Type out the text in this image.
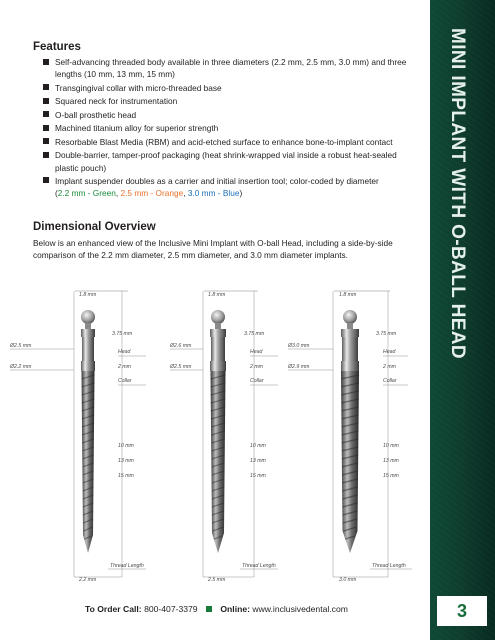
MINI IMPLANT WITH O-BALL HEAD
3
Features
Self-advancing threaded body available in three diameters (2.2 mm, 2.5 mm, 3.0 mm) and three lengths (10 mm, 13 mm, 15 mm)
Transgingival collar with micro-threaded base
Squared neck for instrumentation
O-ball prosthetic head
Machined titanium alloy for superior strength
Resorbable Blast Media (RBM) and acid-etched surface to enhance bone-to-implant contact
Double-barrier, tamper-proof packaging (heat shrink-wrapped vial inside a robust heat-sealed plastic pouch)
Implant suspender doubles as a carrier and initial insertion tool; color-coded by diameter
(2.2 mm - Green, 2.5 mm - Orange, 3.0 mm - Blue)
Dimensional Overview

Below is an enhanced view of the Inclusive Mini Implant with O-ball Head, including a side-by-side comparison of the 2.2 mm diameter, 2.5 mm diameter, and 3.0 mm diameter implants.

1.8 mm
Ø2.5 mm
Ø2.2 mm
3.75 mm
Head
2 mm
Collar
10 mm
13 mm
15 mm
Thread Length
2.2 mm
1.8 mm
Ø2.6 mm
Ø2.5 mm
3.75 mm
Head
2 mm
Collar
10 mm
13 mm
15 mm
Thread Length
2.5 mm
1.8 mm
Ø3.0 mm
Ø2.9 mm
3.75 mm
Head
2 mm
Collar
10 mm
13 mm
15 mm
Thread Length
3.0 mm
To Order Call: 800-407-3379	Online: www.inclusivedental.com
